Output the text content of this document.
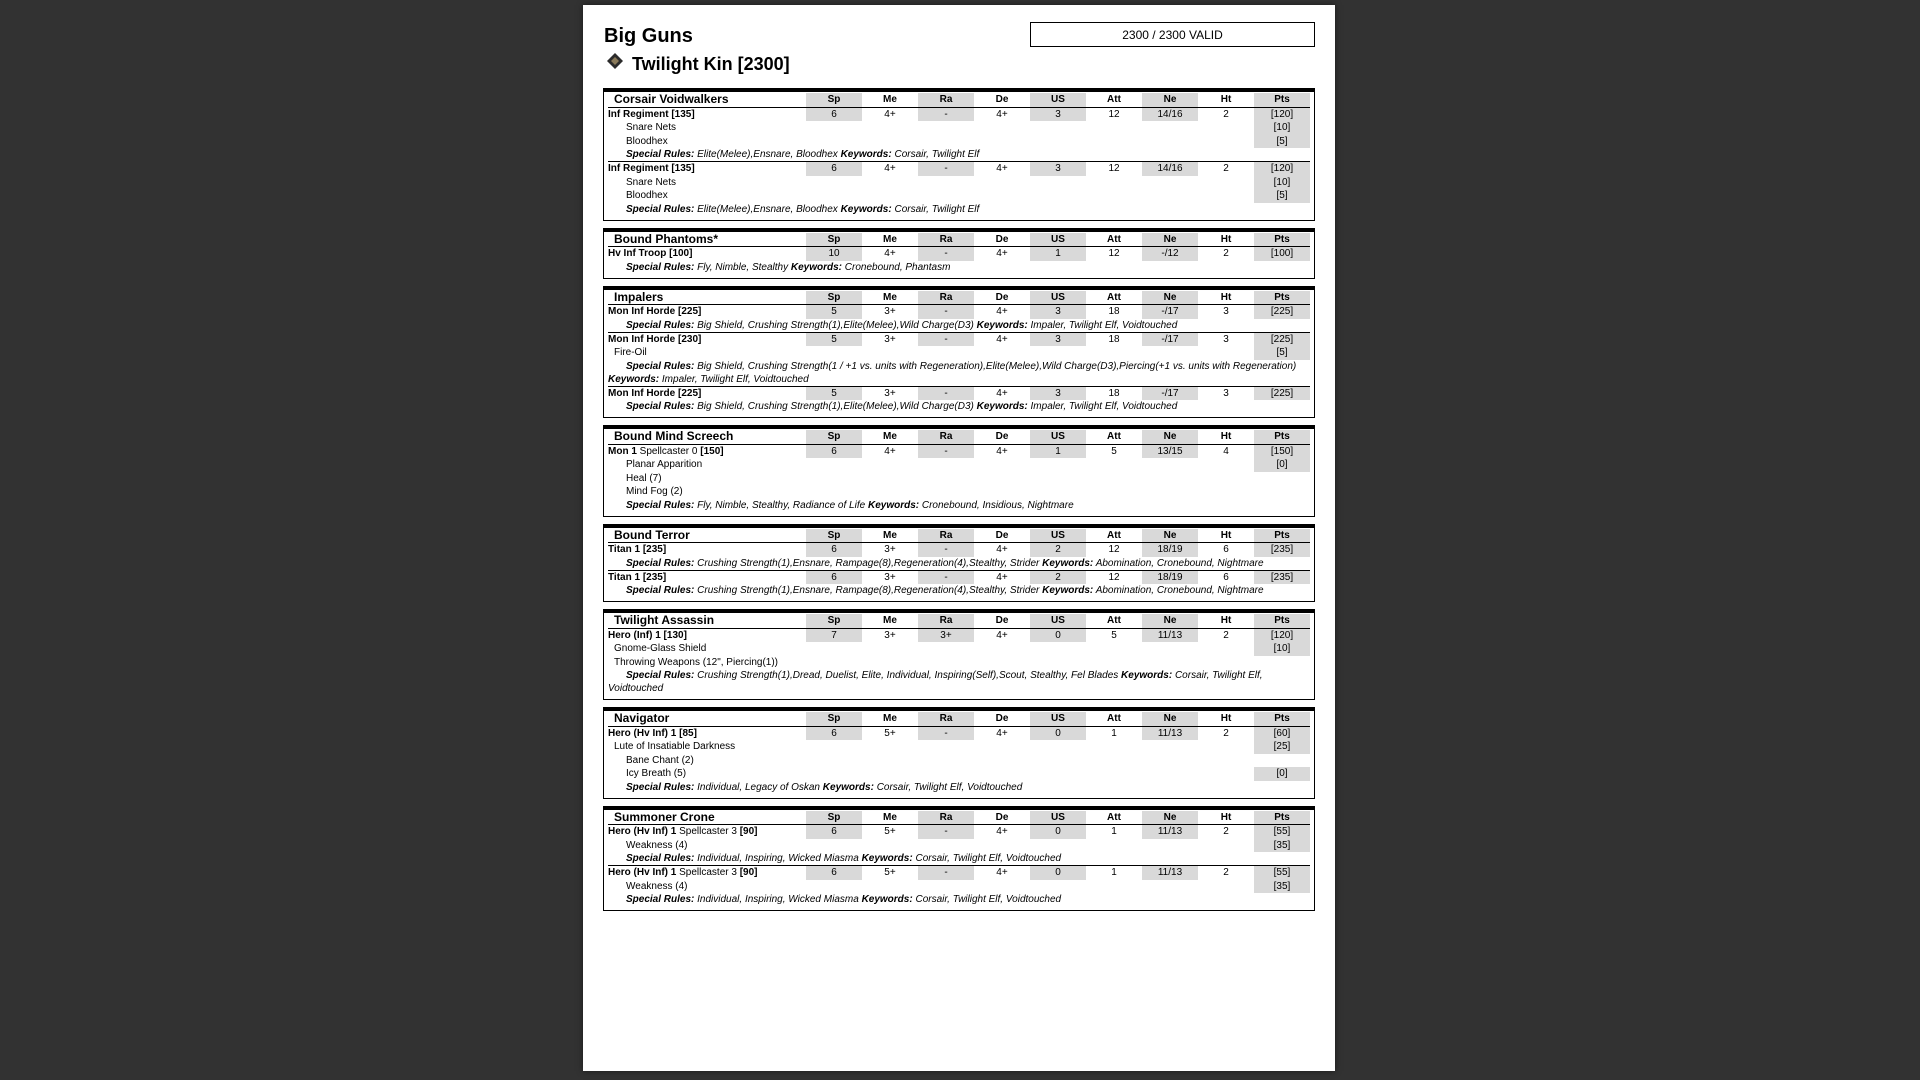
Big Guns
Twilight Kin [2300]
2300 / 2300 VALID
Corsair Voidwalkers	Sp	Me	Ra	De	US	Att	Ne	Ht	Pts
Inf Regiment [135]	6	4+	-	4+	3	12	14/16	2	[120]
Snare Nets	[10]
Bloodhex	[5]
Special Rules: Elite(Melee),Ensnare, Bloodhex Keywords: Corsair, Twilight Elf
Inf Regiment [135]	6	4+	-	4+	3	12	14/16	2	[120]
Snare Nets	[10]
Bloodhex	[5]
Special Rules: Elite(Melee),Ensnare, Bloodhex Keywords: Corsair, Twilight Elf
Bound Phantoms*	Sp	Me	Ra	De	US	Att	Ne	Ht	Pts
Hv Inf Troop [100]	10	4+	-	4+	1	12	-/12	2	[100]
Special Rules: Fly, Nimble, Stealthy Keywords: Cronebound, Phantasm
Impalers	Sp	Me	Ra	De	US	Att	Ne	Ht	Pts
Mon Inf Horde [225]	5	3+	-	4+	3	18	-/17	3	[225]
Special Rules: Big Shield, Crushing Strength(1),Elite(Melee),Wild Charge(D3) Keywords: Impaler, Twilight Elf, Voidtouched
Mon Inf Horde [230]	5	3+	-	4+	3	18	-/17	3	[225]
Fire-Oil	[5]
Special Rules: Big Shield, Crushing Strength(1 / +1 vs. units with Regeneration),Elite(Melee),Wild Charge(D3),Piercing(+1 vs. units with Regeneration) Keywords: Impaler, Twilight Elf, Voidtouched
Mon Inf Horde [225]	5	3+	-	4+	3	18	-/17	3	[225]
Special Rules: Big Shield, Crushing Strength(1),Elite(Melee),Wild Charge(D3) Keywords: Impaler, Twilight Elf, Voidtouched
Bound Mind Screech	Sp	Me	Ra	De	US	Att	Ne	Ht	Pts
Mon 1 Spellcaster 0 [150]	6	4+	-	4+	1	5	13/15	4	[150]
Planar Apparition	[0]
Heal (7)
Mind Fog (2)
Special Rules: Fly, Nimble, Stealthy, Radiance of Life Keywords: Cronebound, Insidious, Nightmare
Bound Terror	Sp	Me	Ra	De	US	Att	Ne	Ht	Pts
Titan 1 [235]	6	3+	-	4+	2	12	18/19	6	[235]
Special Rules: Crushing Strength(1),Ensnare, Rampage(8),Regeneration(4),Stealthy, Strider Keywords: Abomination, Cronebound, Nightmare
Titan 1 [235]	6	3+	-	4+	2	12	18/19	6	[235]
Special Rules: Crushing Strength(1),Ensnare, Rampage(8),Regeneration(4),Stealthy, Strider Keywords: Abomination, Cronebound, Nightmare
Twilight Assassin	Sp	Me	Ra	De	US	Att	Ne	Ht	Pts
Hero (Inf) 1 [130]	7	3+	3+	4+	0	5	11/13	2	[120]
Gnome-Glass Shield	[10]
Throwing Weapons (12", Piercing(1))
Special Rules: Crushing Strength(1),Dread, Duelist, Elite, Individual, Inspiring(Self),Scout, Stealthy, Fel Blades Keywords: Corsair, Twilight Elf, Voidtouched
Navigator	Sp	Me	Ra	De	US	Att	Ne	Ht	Pts
Hero (Hv Inf) 1 [85]	6	5+	-	4+	0	1	11/13	2	[60]
Lute of Insatiable Darkness	[25]
Bane Chant (2)
Icy Breath (5)	[0]
Special Rules: Individual, Legacy of Oskan Keywords: Corsair, Twilight Elf, Voidtouched
Summoner Crone	Sp	Me	Ra	De	US	Att	Ne	Ht	Pts
Hero (Hv Inf) 1 Spellcaster 3 [90]	6	5+	-	4+	0	1	11/13	2	[55]
Weakness (4)	[35]
Special Rules: Individual, Inspiring, Wicked Miasma Keywords: Corsair, Twilight Elf, Voidtouched
Hero (Hv Inf) 1 Spellcaster 3 [90]	6	5+	-	4+	0	1	11/13	2	[55]
Weakness (4)	[35]
Special Rules: Individual, Inspiring, Wicked Miasma Keywords: Corsair, Twilight Elf, Voidtouched
